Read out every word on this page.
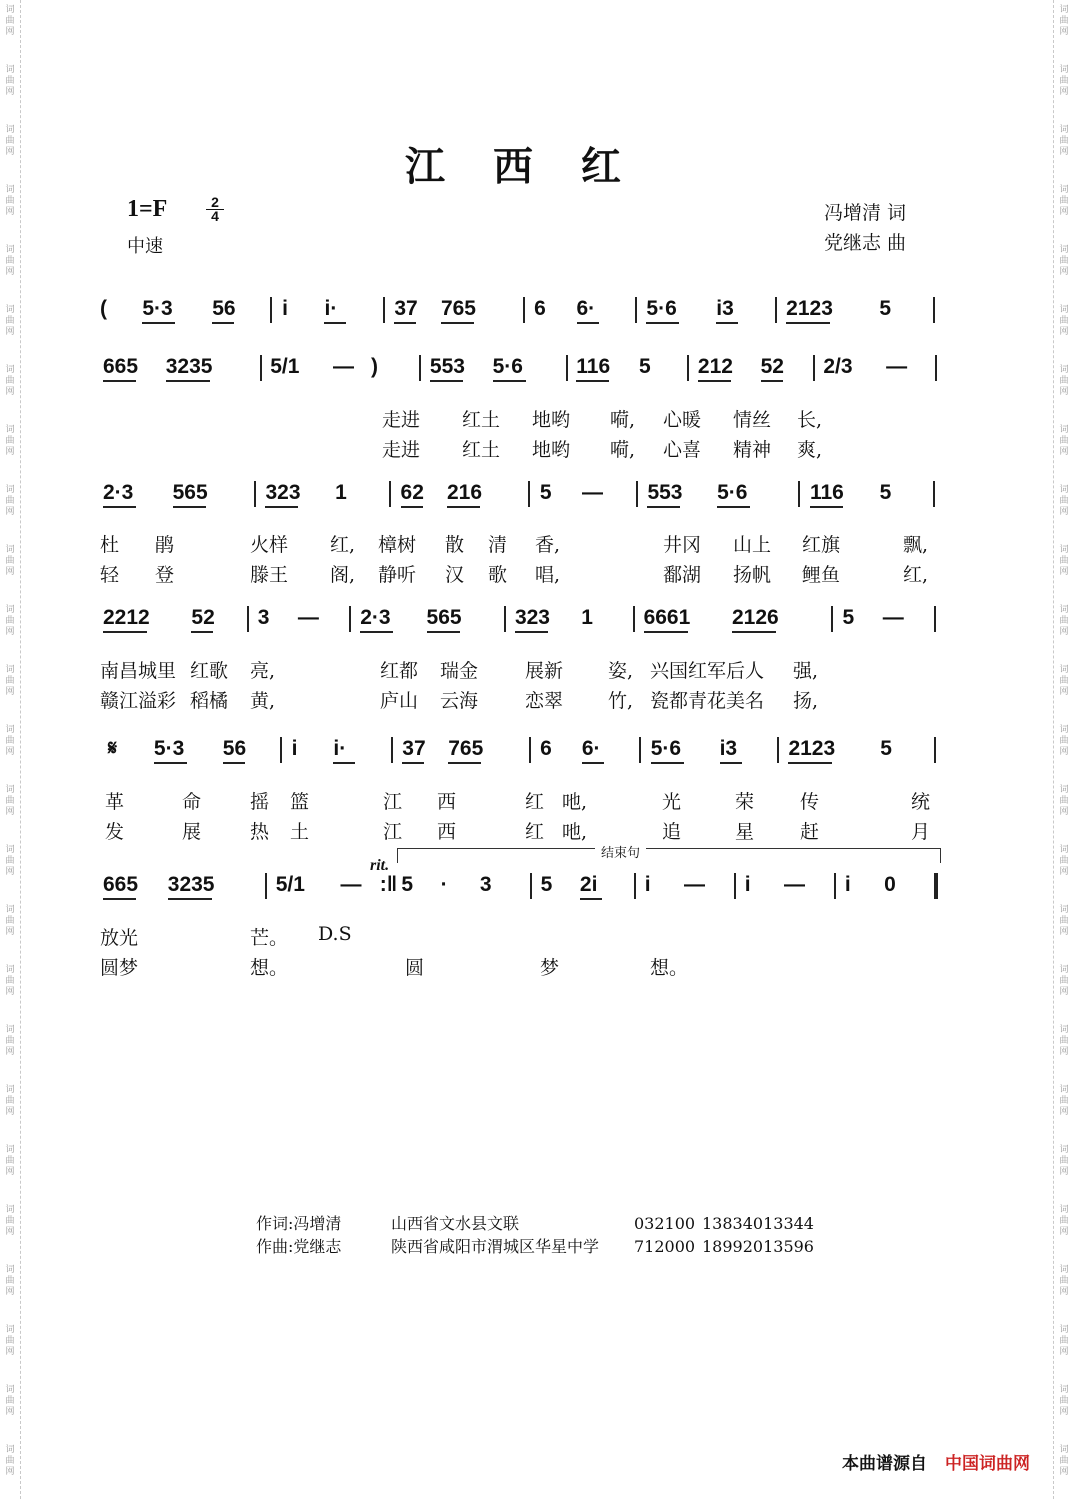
词
曲
网
词
曲
网
词
曲
网
词
曲
网
词
曲
网
词
曲
网
词
曲
网
词
曲
网
词
曲
网
词
曲
网
词
曲
网
词
曲
网
词
曲
网
词
曲
网
词
曲
网
词
曲
网
词
曲
网
词
曲
网
词
曲
网
词
曲
网
词
曲
网
词
曲
网
词
曲
网
词
曲
网
词
曲
网
词
曲
网
词
曲
网
词
曲
网
词
曲
网
词
曲
网
词
曲
网
词
曲
网
词
曲
网
词
曲
网
词
曲
网
词
曲
网
词
曲
网
词
曲
网
词
曲
网
词
曲
网
词
曲
网
词
曲
网
词
曲
网
词
曲
网
词
曲
网
词
曲
网
词
曲
网
词
曲
网
词
曲
网
词
曲
网
江西红
1=F	2
4
中速
冯增清 词
党继志 曲
( 5·3 56 i i·	37 765	6 6· 5·6 i3 2123 5
665 3235	5/1 — ) 553 5·6	116 5 212 52 2/3 —
2·3 565	323 1	62 216	5 — 553 5·6	116 5
2212 52 3 — 2·3 565	323 1 6661 2126	5 —
𝄋 5·3 56 i i·	37 765	6 6· 5·6 i3 2123 5
665 3235	5/1 — :‖ 5 · 3 5 2i i — i — i 0
走进 红土 地哟 嗬, 心暖 情丝 长,
走进 红土 地哟 嗬, 心喜 精神 爽,
杜 鹃	火样 红, 樟树 散 清 香,	井冈 山上 红旗	飘,
轻 登	滕王 阁, 静听 汉 歌 唱,	鄱湖 扬帆 鲤鱼	红,
南昌城里 红歌 亮,	红都 瑞金 展新 姿, 兴国红军后 人 强,
赣江溢彩 稻橘 黄,	庐山 云海 恋翠 竹, 瓷都青花美 名 扬,
革	命	摇 篮	江 西	红 吔,	光	荣 传	统
发	展	热 土	江 西	红 吔,	追	星 赶	月
放光	芒。 D.S
圆梦	想。	圆	梦	想。
结束句
rit.
作词:冯增清	山西省文水县文联	032100 13834013344
作曲:党继志	陕西省咸阳市渭城区华星中学 712000 18992013596
本曲谱源自 中国词曲网
